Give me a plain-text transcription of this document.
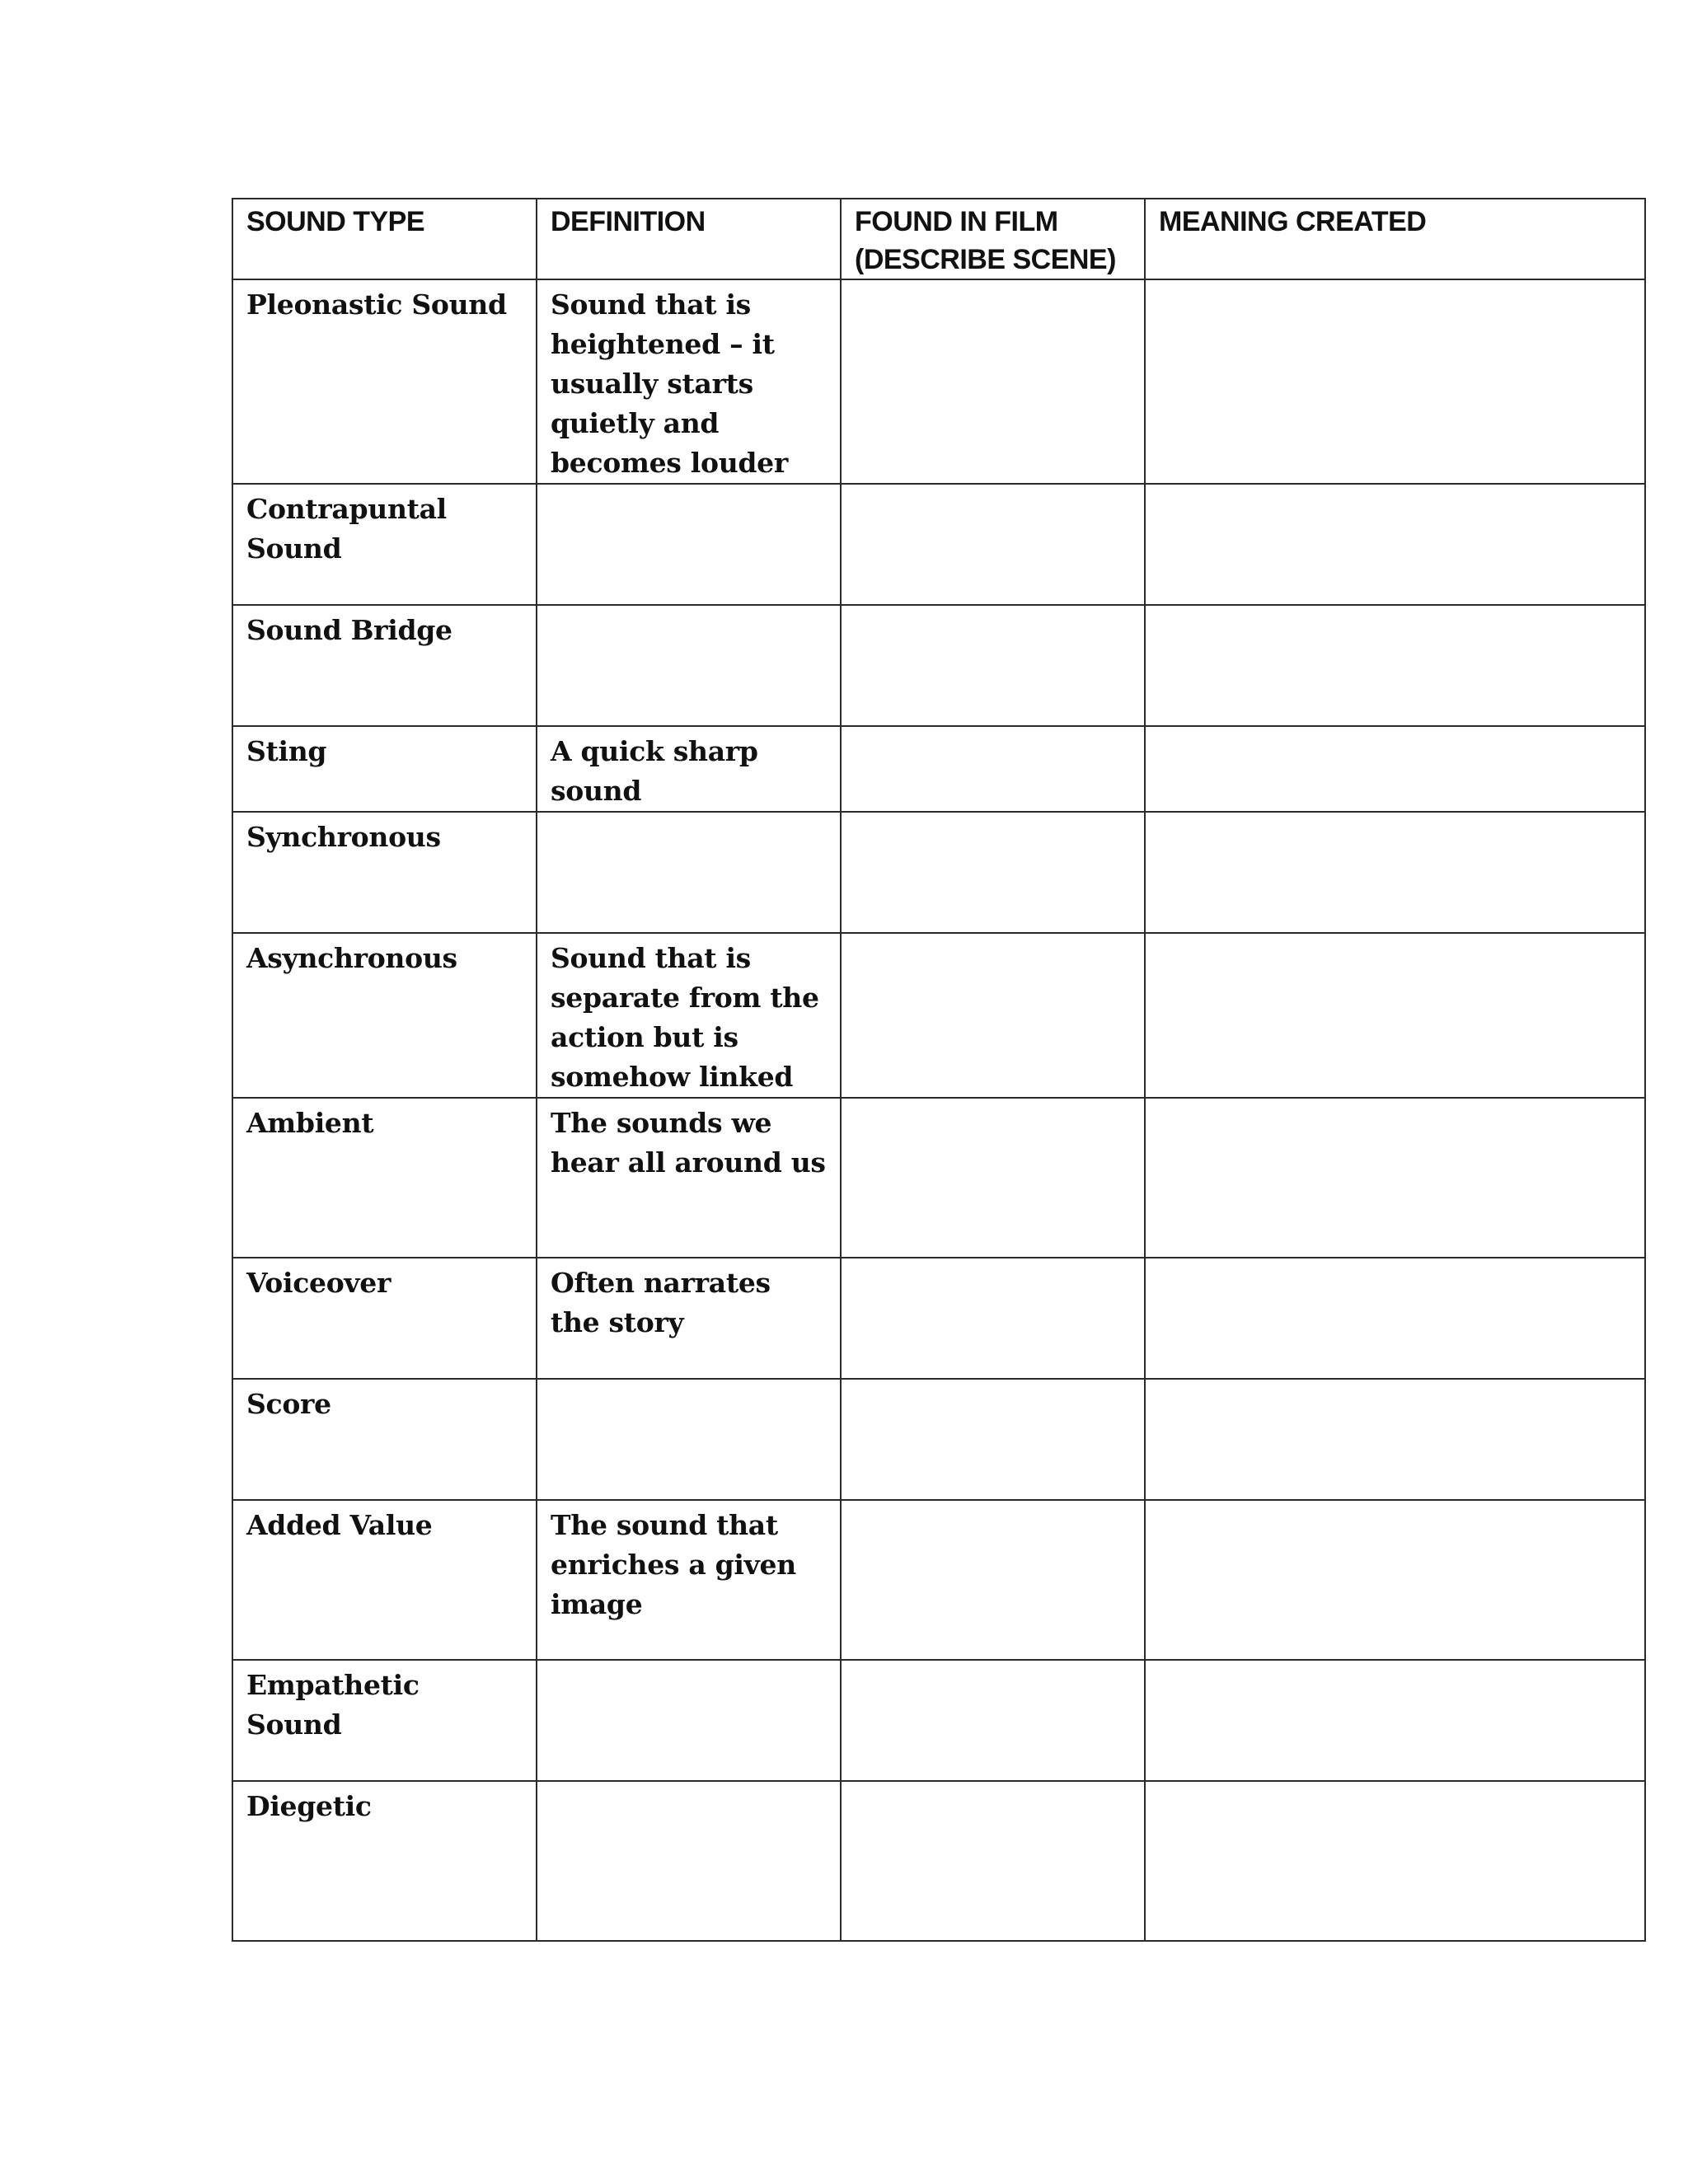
SOUND TYPE	DEFINITION	FOUND IN FILM (DESCRIBE SCENE)	MEANING CREATED
Pleonastic Sound	Sound that is heightened – it usually starts quietly and becomes louder		
Contrapuntal Sound			
Sound Bridge			
Sting	A quick sharp sound		
Synchronous			
Asynchronous	Sound that is separate from the action but is somehow linked		
Ambient	The sounds we hear all around us		
Voiceover	Often narrates the story		
Score			
Added Value	The sound that enriches a given image		
Empathetic Sound			
Diegetic			
